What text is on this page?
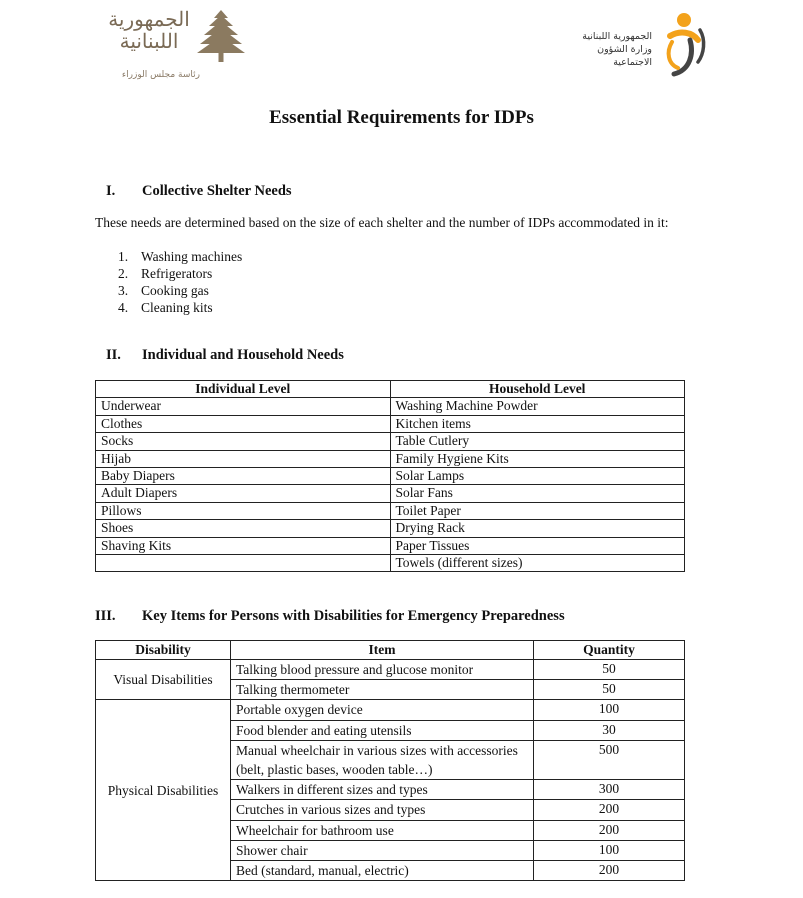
الجمهورية اللبنانية
رئاسة مجلس الوزراء
الجمهورية اللبنانية
وزارة الشؤون الاجتماعية
Essential Requirements for IDPs
I. Collective Shelter Needs
These needs are determined based on the size of each shelter and the number of IDPs accommodated in it:
1. Washing machines
2. Refrigerators
3. Cooking gas
4. Cleaning kits
II. Individual and Household Needs
Individual Level	Household Level
Underwear	Washing Machine Powder
Clothes	Kitchen items
Socks	Table Cutlery
Hijab	Family Hygiene Kits
Baby Diapers	Solar Lamps
Adult Diapers	Solar Fans
Pillows	Toilet Paper
Shoes	Drying Rack
Shaving Kits	Paper Tissues
	Towels (different sizes)
III. Key Items for Persons with Disabilities for Emergency Preparedness
Disability	Item	Quantity
Visual Disabilities	Talking blood pressure and glucose monitor	50
	Talking thermometer	50
Physical Disabilities	Portable oxygen device	100
	Food blender and eating utensils	30
	Manual wheelchair in various sizes with accessories (belt, plastic bases, wooden table…)	500
	Walkers in different sizes and types	300
	Crutches in various sizes and types	200
	Wheelchair for bathroom use	200
	Shower chair	100
	Bed (standard, manual, electric)	200
